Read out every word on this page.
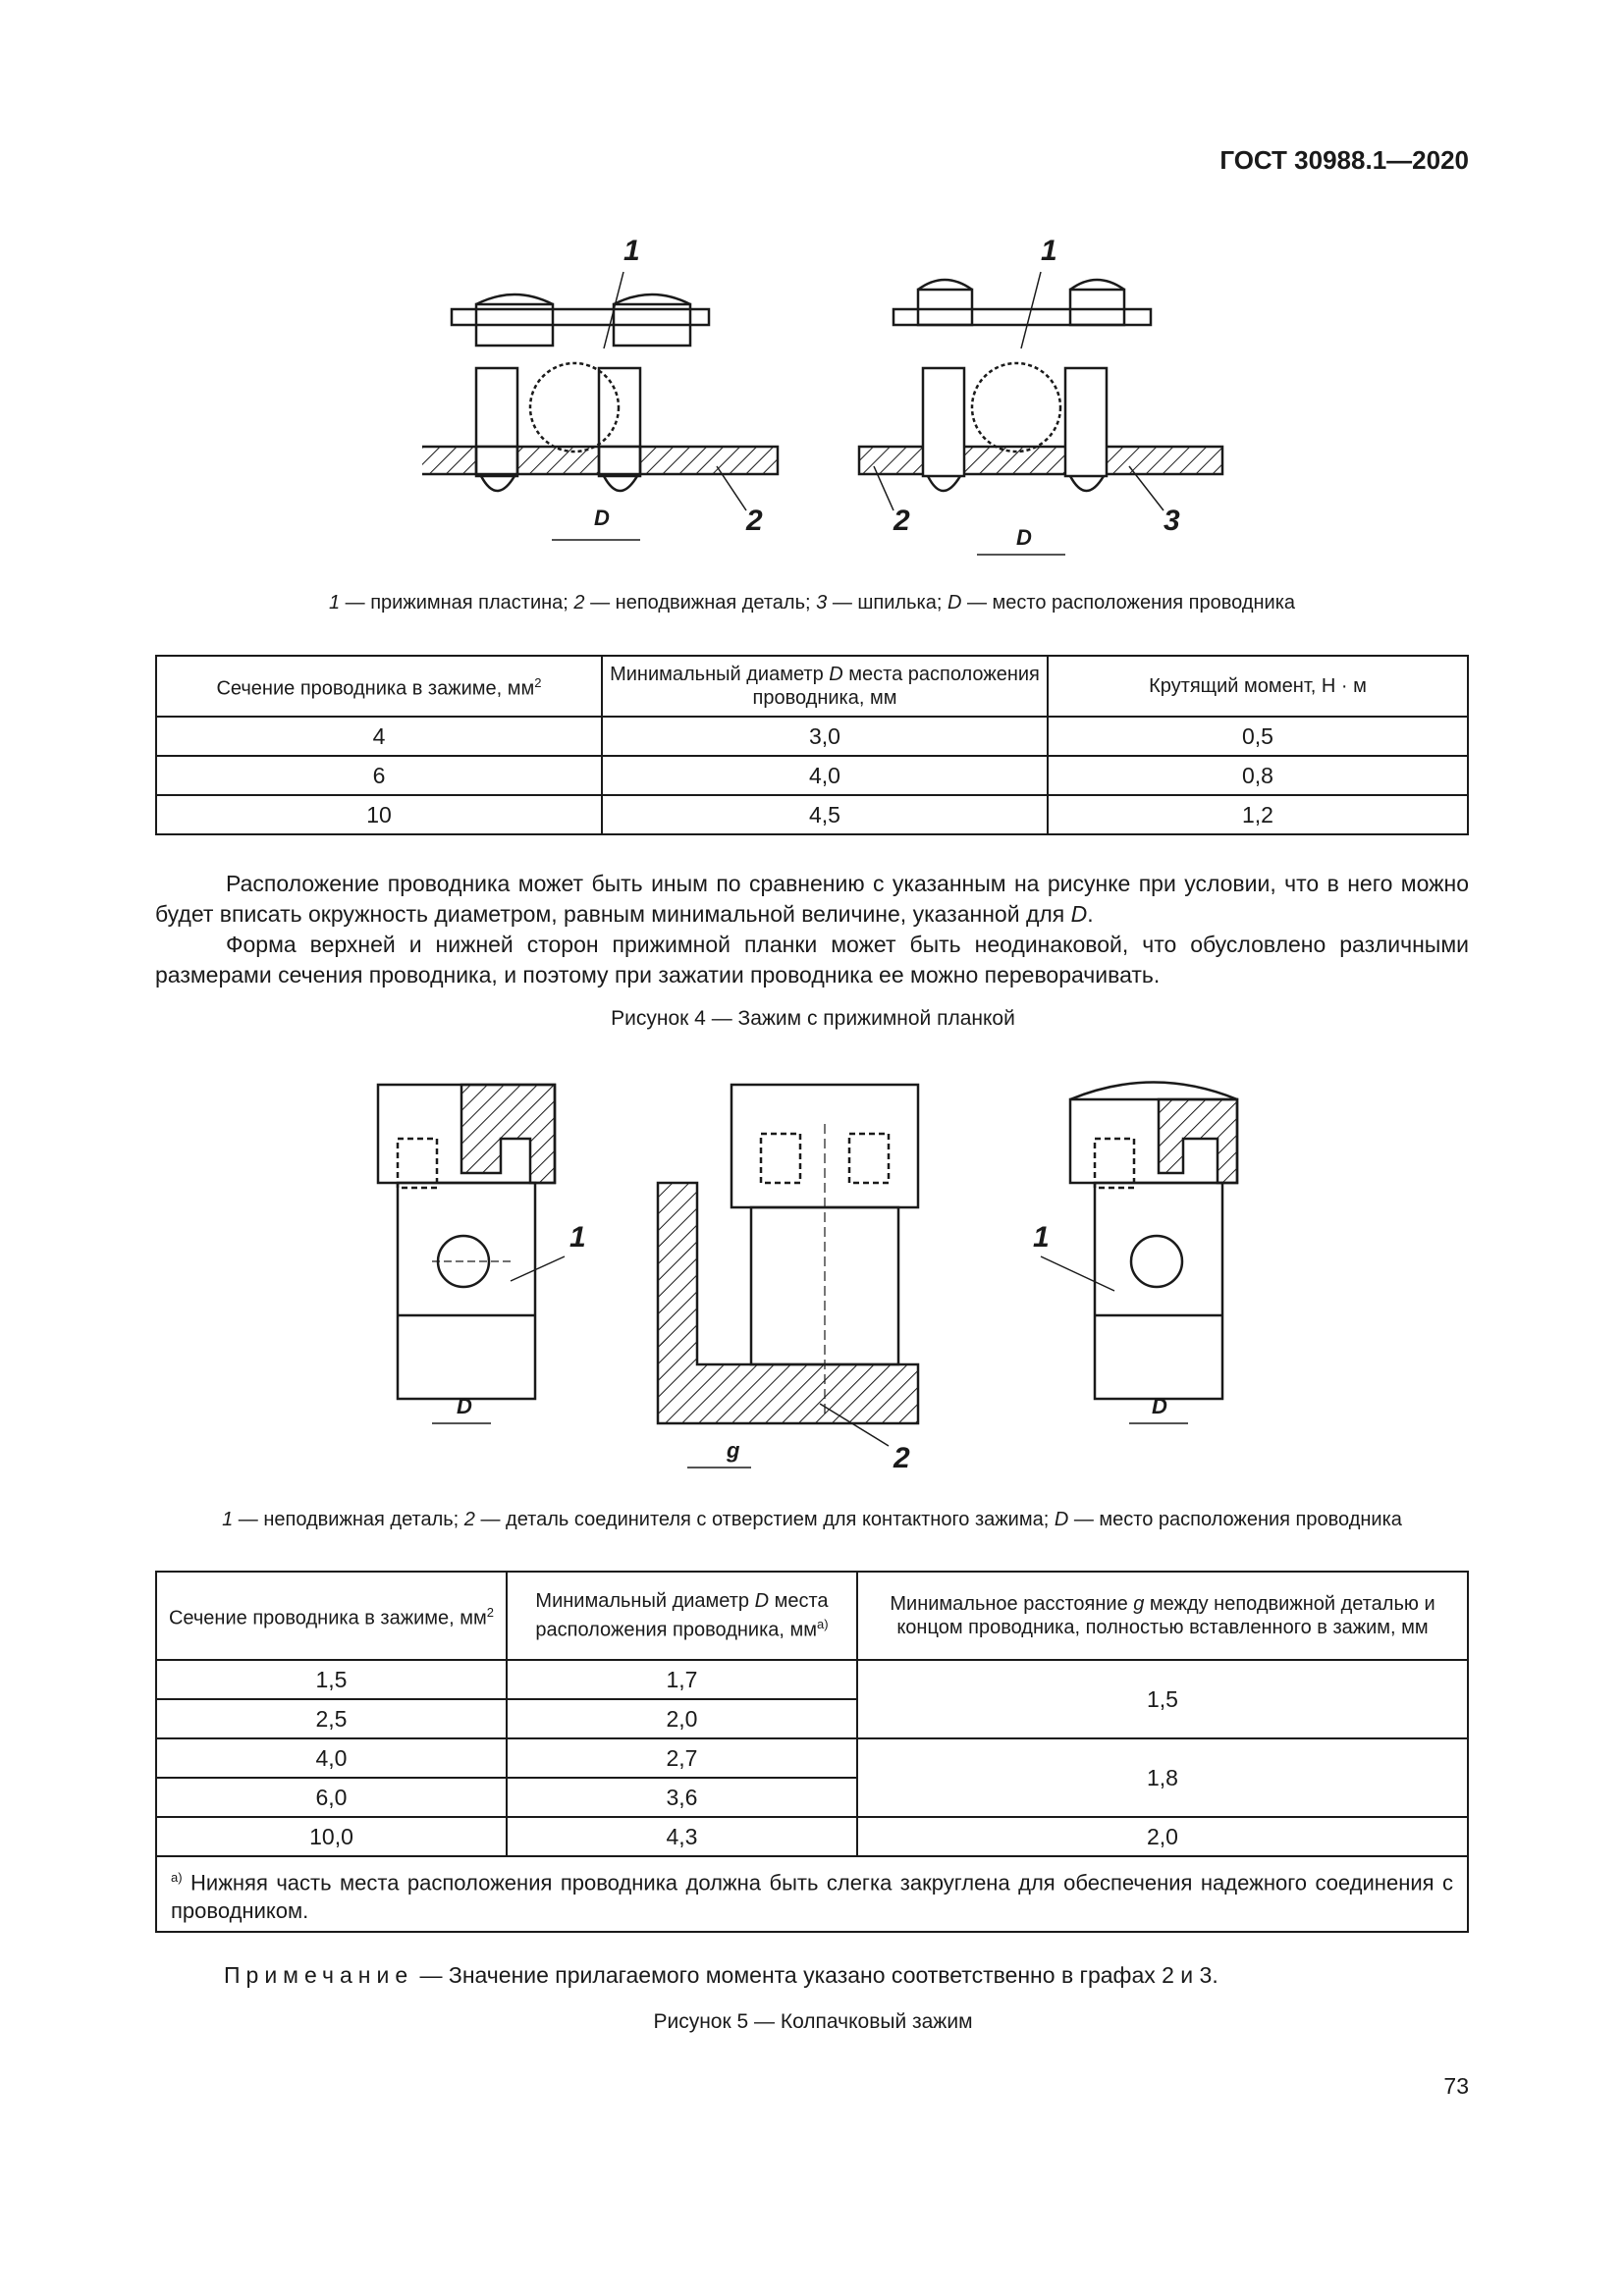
ГОСТ 30988.1—2020
1
2
D
1
2	3
D
1 — прижимная пластина; 2 — неподвижная деталь; 3 — шпилька; D — место расположения проводника
Сечение проводника в зажиме, $мм^2$	Минимальный диаметр D места расположения проводника, мм	Крутящий момент, Н · м
4	3,0	0,5
6	4,0	0,8
10	4,5	1,2

Расположение проводника может быть иным по сравнению с указанным на рисунке при условии, что в него можно будет вписать окружность диаметром, равным минимальной величине, указанной для D.

Форма верхней и нижней сторон прижимной планки может быть неодинаковой, что обусловлено различными размерами сечения проводника, и поэтому при зажатии проводника ее можно переворачивать.

Рисунок 4 — Зажим с прижимной планкой
1
D
2
g
1
D
1 — неподвижная деталь; 2 — деталь соединителя с отверстием для контактного зажима; D — место расположения проводника
Сечение проводника в зажиме, $мм^2$	Минимальный диаметр D места расположения проводника, $мм^{а)}$	Минимальное расстояние g между неподвижной деталью и концом проводника, полностью вставленного в зажим, мм
1,5	1,7	1,5
2,5	2,0	
4,0	2,7	1,8
6,0	3,6	
10,0	4,3	2,0
$^{а)}$ Нижняя часть места расположения проводника должна быть слегка закруглена для обеспечения надежного соединения с проводником.		
Примечание — Значение прилагаемого момента указано соответственно в графах 2 и 3.
Рисунок 5 — Колпачковый зажим
73
